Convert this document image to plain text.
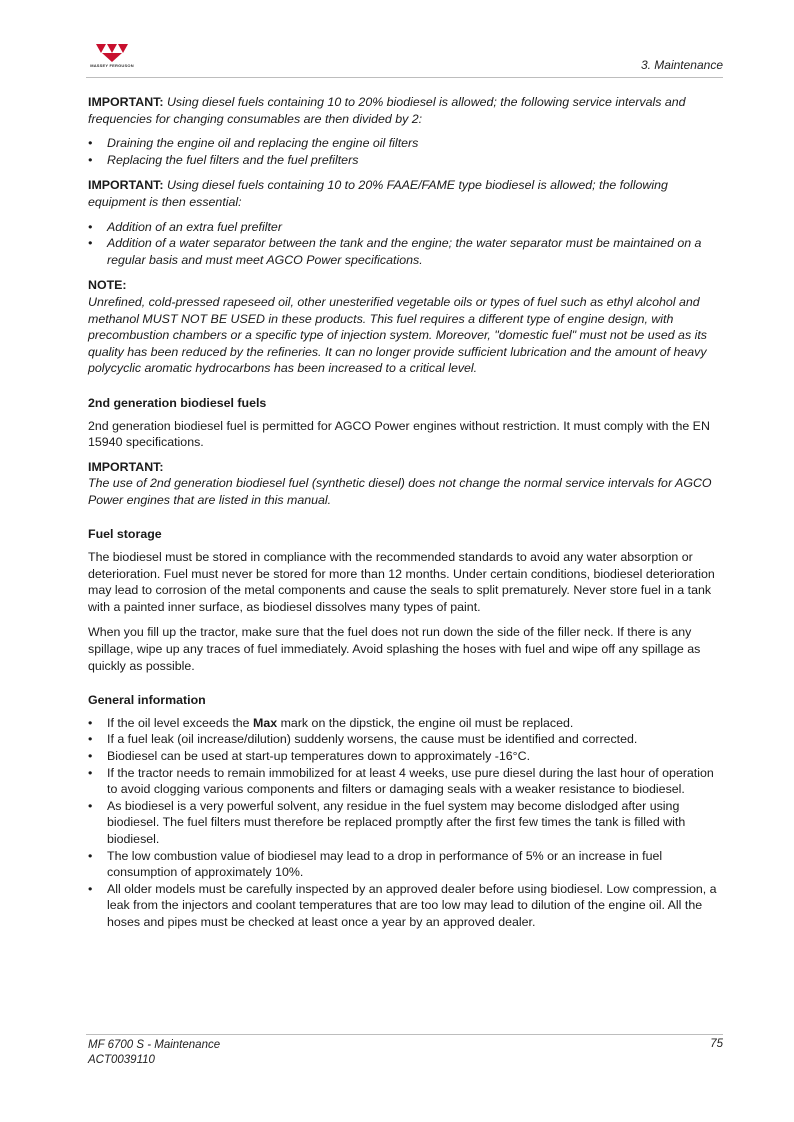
MASSEY FERGUSON	3. Maintenance

IMPORTANT: Using diesel fuels containing 10 to 20% biodiesel is allowed; the following service intervals and frequencies for changing consumables are then divided by 2:

• Draining the engine oil and replacing the engine oil filters
• Replacing the fuel filters and the fuel prefilters

IMPORTANT: Using diesel fuels containing 10 to 20% FAAE/FAME type biodiesel is allowed; the following equipment is then essential:

• Addition of an extra fuel prefilter
• Addition of a water separator between the tank and the engine; the water separator must be maintained on a regular basis and must meet AGCO Power specifications.

NOTE:

Unrefined, cold-pressed rapeseed oil, other unesterified vegetable oils or types of fuel such as ethyl alcohol and methanol MUST NOT BE USED in these products. This fuel requires a different type of engine design, with precombustion chambers or a specific type of injection system. Moreover, "domestic fuel" must not be used as its quality has been reduced by the refineries. It can no longer provide sufficient lubrication and the amount of heavy polycyclic aromatic hydrocarbons has been increased to a critical level.

2nd generation biodiesel fuels

2nd generation biodiesel fuel is permitted for AGCO Power engines without restriction. It must comply with the EN 15940 specifications.

IMPORTANT:

The use of 2nd generation biodiesel fuel (synthetic diesel) does not change the normal service intervals for AGCO Power engines that are listed in this manual.

Fuel storage

The biodiesel must be stored in compliance with the recommended standards to avoid any water absorption or deterioration. Fuel must never be stored for more than 12 months. Under certain conditions, biodiesel deterioration may lead to corrosion of the metal components and cause the seals to split prematurely. Never store fuel in a tank with a painted inner surface, as biodiesel dissolves many types of paint.

When you fill up the tractor, make sure that the fuel does not run down the side of the filler neck. If there is any spillage, wipe up any traces of fuel immediately. Avoid splashing the hoses with fuel and wipe off any spillage as quickly as possible.

General information
• If the oil level exceeds the Max mark on the dipstick, the engine oil must be replaced.
• If a fuel leak (oil increase/dilution) suddenly worsens, the cause must be identified and corrected.
• Biodiesel can be used at start-up temperatures down to approximately -16°C.
• If the tractor needs to remain immobilized for at least 4 weeks, use pure diesel during the last hour of operation to avoid clogging various components and filters or damaging seals with a weaker resistance to biodiesel.
• As biodiesel is a very powerful solvent, any residue in the fuel system may become dislodged after using biodiesel. The fuel filters must therefore be replaced promptly after the first few times the tank is filled with biodiesel.
• The low combustion value of biodiesel may lead to a drop in performance of 5% or an increase in fuel consumption of approximately 10%.
• All older models must be carefully inspected by an approved dealer before using biodiesel. Low compression, a leak from the injectors and coolant temperatures that are too low may lead to dilution of the engine oil. All the hoses and pipes must be checked at least once a year by an approved dealer.
MF 6700 S - Maintenance
ACT0039110
75
